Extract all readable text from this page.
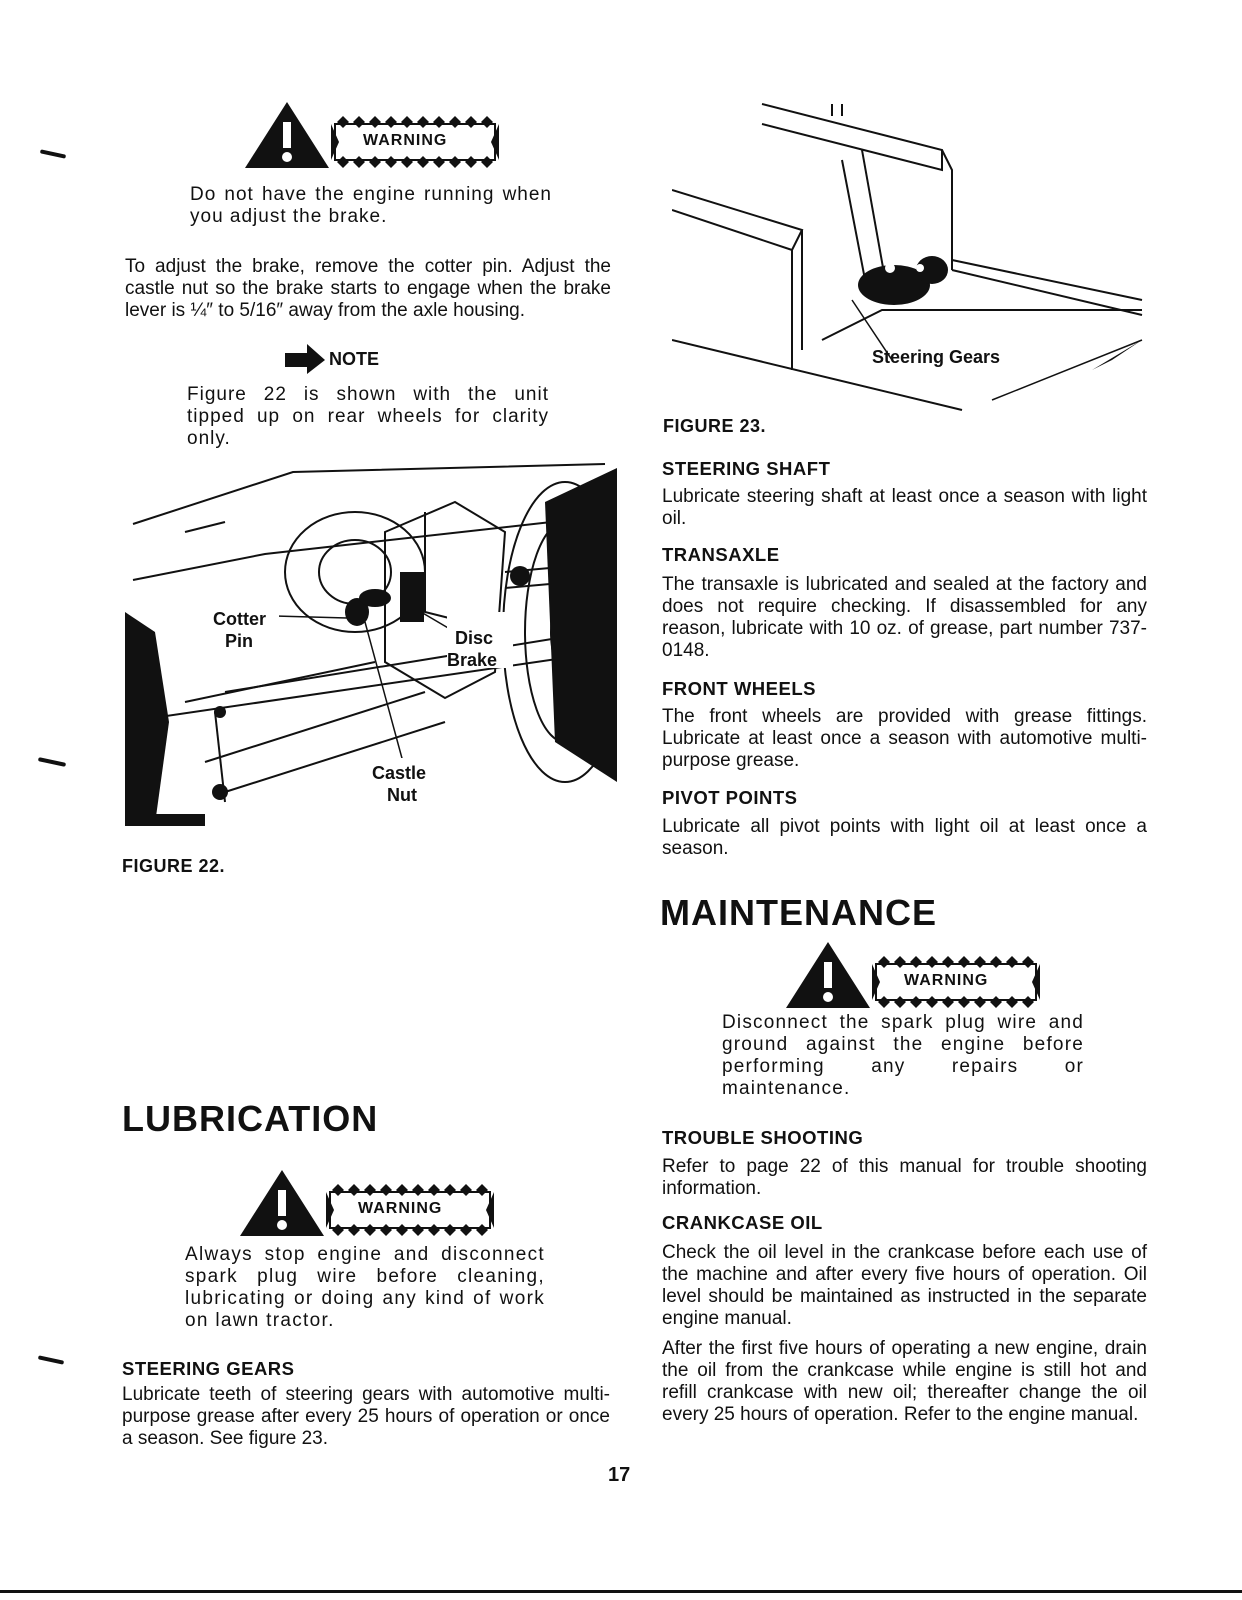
WARNING
Do not have the engine running when you adjust the brake.
To adjust the brake, remove the cotter pin. Adjust the castle nut so the brake starts to engage when the brake lever is ¼″ to 5/16″ away from the axle housing.
NOTE
Figure 22 is shown with the unit tipped up on rear wheels for clarity only.
Cotter
Pin	Disc
Brake
Castle
Nut
FIGURE 22.
LUBRICATION
WARNING
Always stop engine and disconnect spark plug wire before cleaning, lubricating or doing any kind of work on lawn tractor.
STEERING GEARS
Lubricate teeth of steering gears with automotive multi-purpose grease after every 25 hours of operation or once a season. See figure 23.
Steering Gears
FIGURE 23.
STEERING SHAFT
Lubricate steering shaft at least once a season with light oil.
TRANSAXLE
The transaxle is lubricated and sealed at the factory and does not require checking. If disassembled for any reason, lubricate with 10 oz. of grease, part number 737-0148.
FRONT WHEELS
The front wheels are provided with grease fittings. Lubricate at least once a season with automotive multi-purpose grease.
PIVOT POINTS
Lubricate all pivot points with light oil at least once a season.
MAINTENANCE
WARNING
Disconnect the spark plug wire and ground against the engine before performing any repairs or maintenance.
TROUBLE SHOOTING
Refer to page 22 of this manual for trouble shooting information.
CRANKCASE OIL
Check the oil level in the crankcase before each use of the machine and after every five hours of operation. Oil level should be maintained as instructed in the separate engine manual.
After the first five hours of operating a new engine, drain the oil from the crankcase while engine is still hot and refill crankcase with new oil; thereafter change the oil every 25 hours of operation. Refer to the engine manual.
17
